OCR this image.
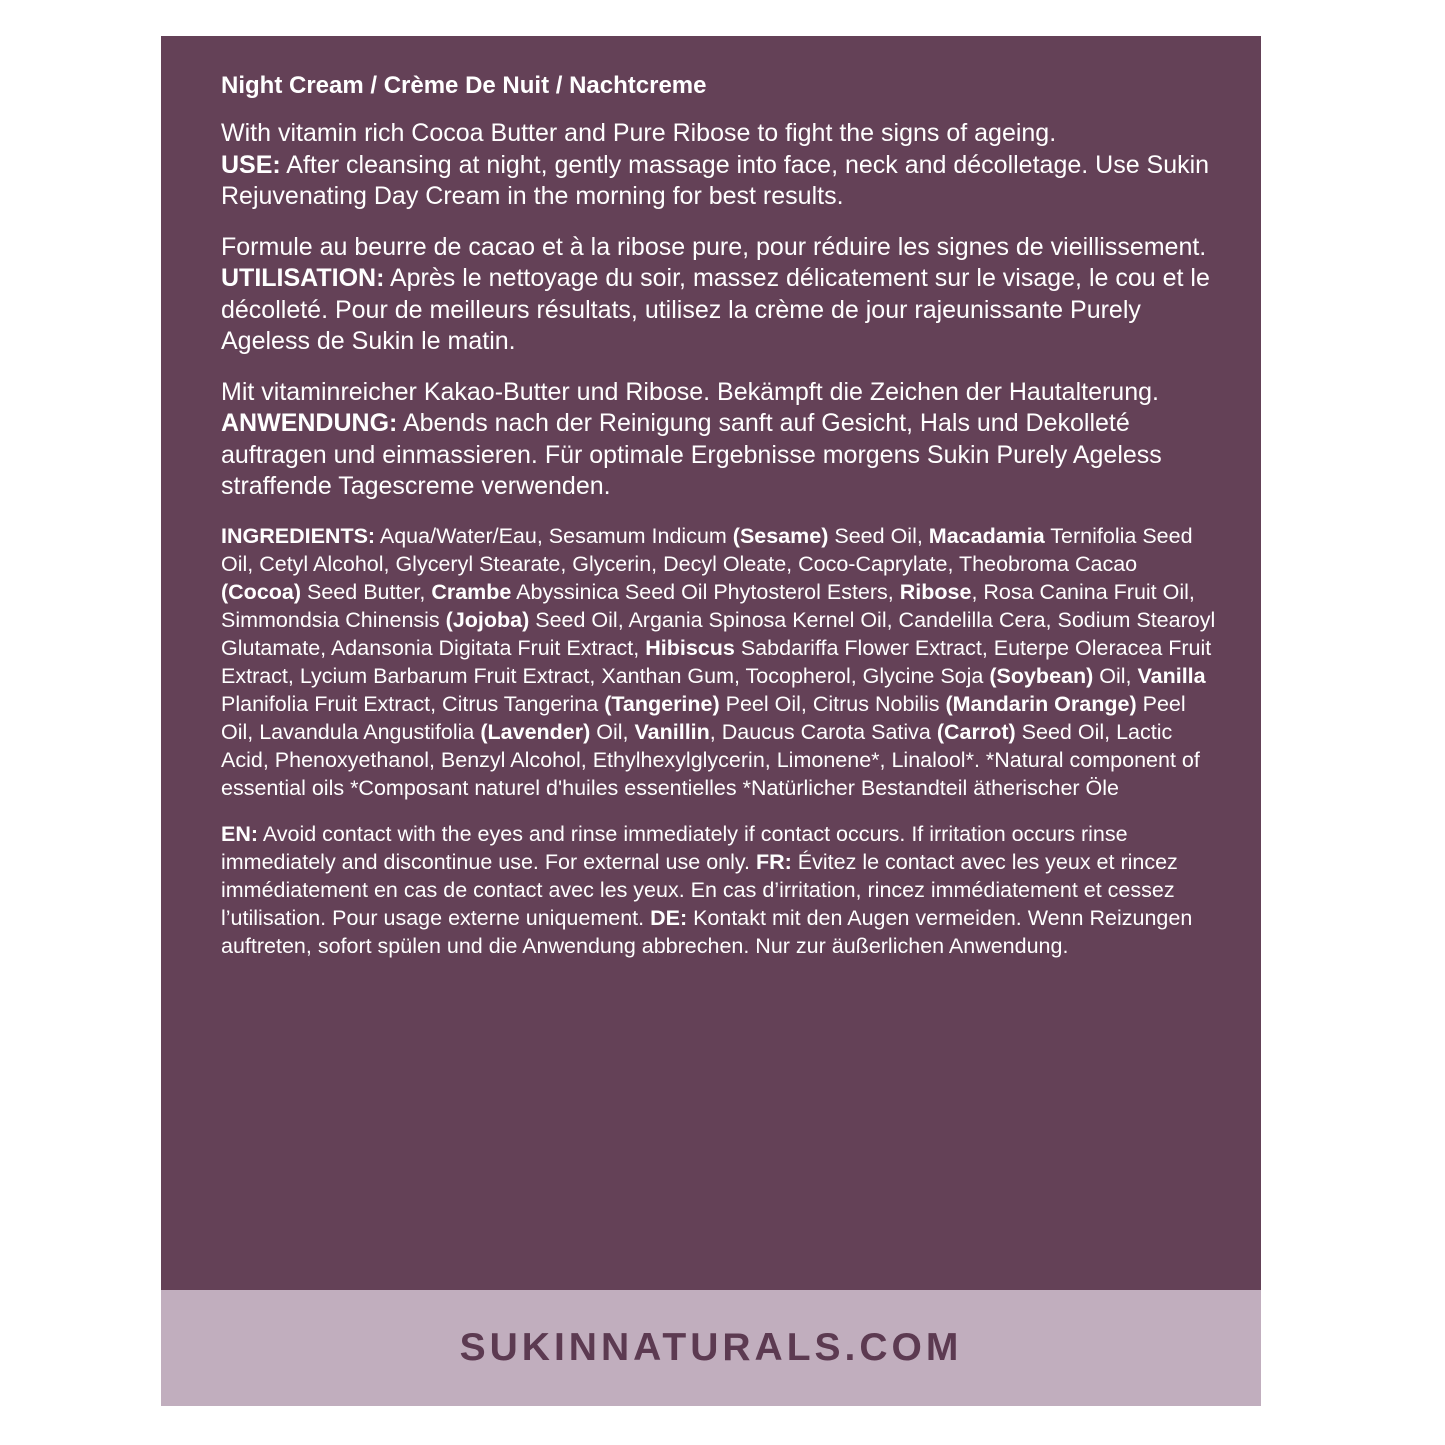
Night Cream / Crème De Nuit / Nachtcreme

With vitamin rich Cocoa Butter and Pure Ribose to fight the signs of ageing.
USE: After cleansing at night, gently massage into face, neck and décolletage. Use Sukin Rejuvenating Day Cream in the morning for best results.

Formule au beurre de cacao et à la ribose pure, pour réduire les signes de vieillissement. UTILISATION: Après le nettoyage du soir, massez délicatement sur le visage, le cou et le décolleté. Pour de meilleurs résultats, utilisez la crème de jour rajeunissante Purely Ageless de Sukin le matin.

Mit vitaminreicher Kakao-Butter und Ribose. Bekämpft die Zeichen der Hautalterung. ANWENDUNG: Abends nach der Reinigung sanft auf Gesicht, Hals und Dekolleté auftragen und einmassieren. Für optimale Ergebnisse morgens Sukin Purely Ageless straffende Tagescreme verwenden.

INGREDIENTS: Aqua/Water/Eau, Sesamum Indicum (Sesame) Seed Oil, Macadamia Ternifolia Seed Oil, Cetyl Alcohol, Glyceryl Stearate, Glycerin, Decyl Oleate, Coco-Caprylate, Theobroma Cacao (Cocoa) Seed Butter, Crambe Abyssinica Seed Oil Phytosterol Esters, Ribose, Rosa Canina Fruit Oil, Simmondsia Chinensis (Jojoba) Seed Oil, Argania Spinosa Kernel Oil, Candelilla Cera, Sodium Stearoyl Glutamate, Adansonia Digitata Fruit Extract, Hibiscus Sabdariffa Flower Extract, Euterpe Oleracea Fruit Extract, Lycium Barbarum Fruit Extract, Xanthan Gum, Tocopherol, Glycine Soja (Soybean) Oil, Vanilla Planifolia Fruit Extract, Citrus Tangerina (Tangerine) Peel Oil, Citrus Nobilis (Mandarin Orange) Peel Oil, Lavandula Angustifolia (Lavender) Oil, Vanillin, Daucus Carota Sativa (Carrot) Seed Oil, Lactic Acid, Phenoxyethanol, Benzyl Alcohol, Ethylhexylglycerin, Limonene*, Linalool*. *Natural component of essential oils *Composant naturel d'huiles essentielles *Natürlicher Bestandteil ätherischer Öle

EN: Avoid contact with the eyes and rinse immediately if contact occurs. If irritation occurs rinse immediately and discontinue use. For external use only. FR: Évitez le contact avec les yeux et rincez immédiatement en cas de contact avec les yeux. En cas d’irritation, rincez immédiatement et cessez l’utilisation. Pour usage externe uniquement. DE: Kontakt mit den Augen vermeiden. Wenn Reizungen auftreten, sofort spülen und die Anwendung abbrechen. Nur zur äußerlichen Anwendung.

SUKINNATURALS.COM
